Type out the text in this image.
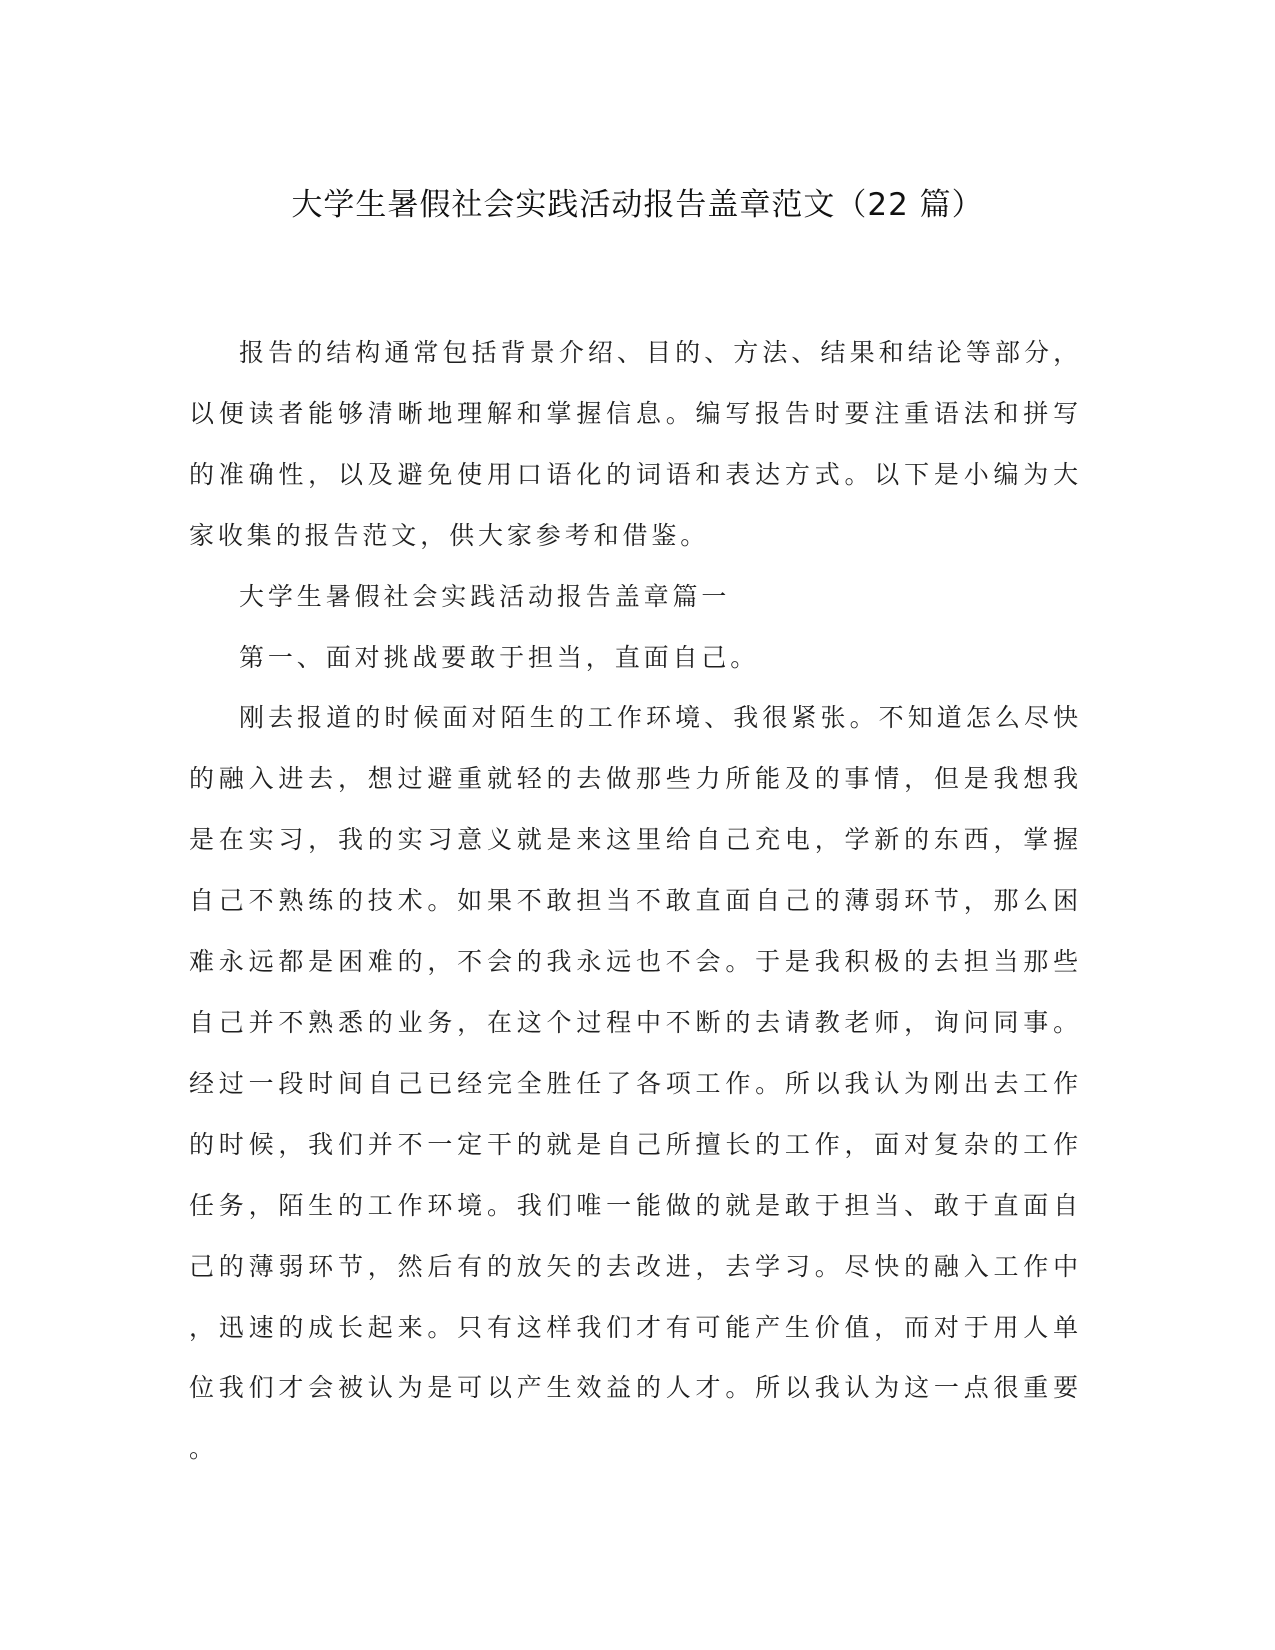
大学生暑假社会实践活动报告盖章范文（22 篇）

报告的结构通常包括背景介绍、目的、方法、结果和结论等部分，以便读者能够清晰地理解和掌握信息。编写报告时要注重语法和拼写的准确性，以及避免使用口语化的词语和表达方式。以下是小编为大家收集的报告范文，供大家参考和借鉴。

大学生暑假社会实践活动报告盖章篇一

第一、面对挑战要敢于担当，直面自己。

刚去报道的时候面对陌生的工作环境、我很紧张。不知道怎么尽快的融入进去，想过避重就轻的去做那些力所能及的事情，但是我想我是在实习，我的实习意义就是来这里给自己充电，学新的东西，掌握自己不熟练的技术。如果不敢担当不敢直面自己的薄弱环节，那么困难永远都是困难的，不会的我永远也不会。于是我积极的去担当那些自己并不熟悉的业务，在这个过程中不断的去请教老师，询问同事。经过一段时间自己已经完全胜任了各项工作。所以我认为刚出去工作的时候，我们并不一定干的就是自己所擅长的工作，面对复杂的工作任务，陌生的工作环境。我们唯一能做的就是敢于担当、敢于直面自己的薄弱环节，然后有的放矢的去改进，去学习。尽快的融入工作中，迅速的成长起来。只有这样我们才有可能产生价值，而对于用人单位我们才会被认为是可以产生效益的人才。所以我认为这一点很重要。
